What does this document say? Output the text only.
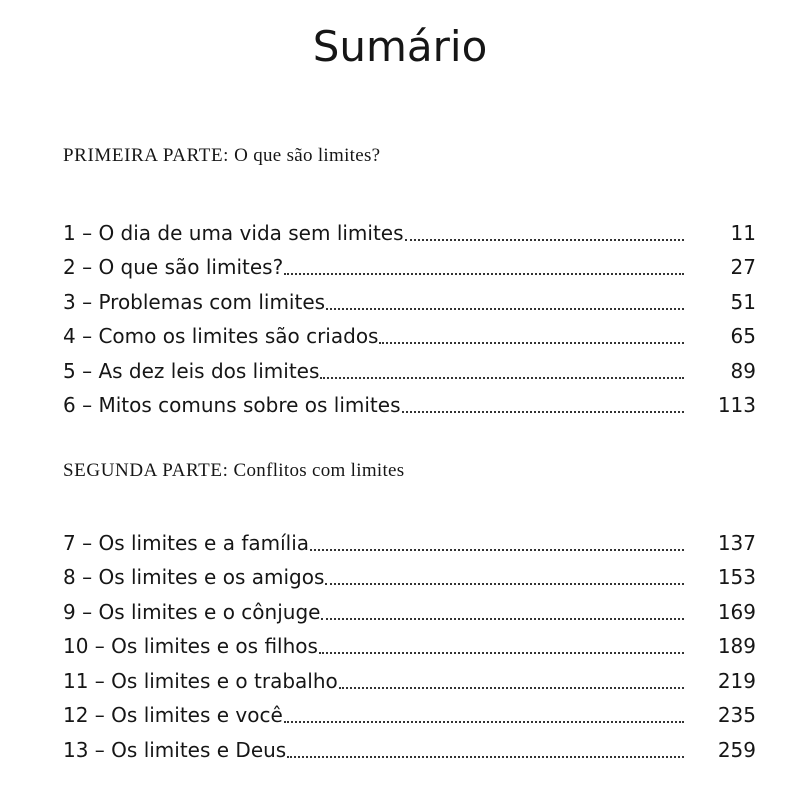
Sumário

PRIMEIRA PARTE: O que são limites?

1 – O dia de uma vida sem limites	11
2 – O que são limites?	27
3 – Problemas com limites	51
4 – Como os limites são criados	65
5 – As dez leis dos limites	89
6 – Mitos comuns sobre os limites	113

SEGUNDA PARTE: Conflitos com limites

7 – Os limites e a família	137
8 – Os limites e os amigos	153
9 – Os limites e o cônjuge	169
10 – Os limites e os filhos	189
11 – Os limites e o trabalho	219
12 – Os limites e você	235
13 – Os limites e Deus	259
